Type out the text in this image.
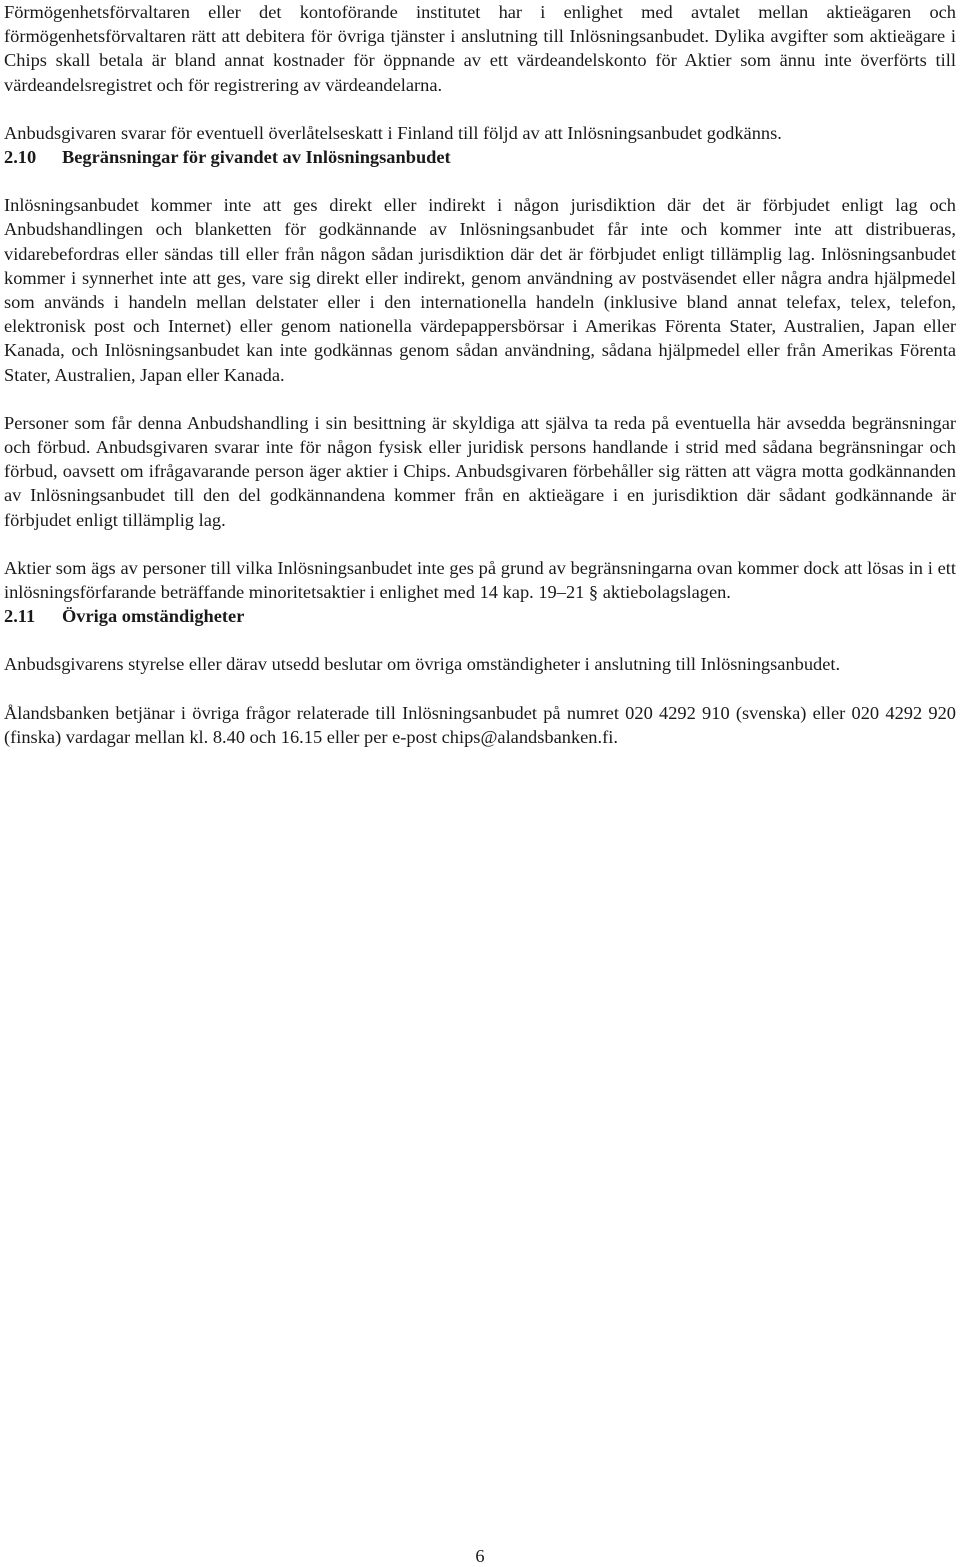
Förmögenhetsförvaltaren eller det kontoförande institutet har i enlighet med avtalet mellan aktieägaren och förmögenhetsförvaltaren rätt att debitera för övriga tjänster i anslutning till Inlösningsanbudet. Dylika avgifter som aktieägare i Chips skall betala är bland annat kostnader för öppnande av ett värdeandelskonto för Aktier som ännu inte överförts till värdeandelsregistret och för registrering av värdeandelarna.

Anbudsgivaren svarar för eventuell överlåtelseskatt i Finland till följd av att Inlösningsanbudet godkänns.

2.10	Begränsningar för givandet av Inlösningsanbudet

Inlösningsanbudet kommer inte att ges direkt eller indirekt i någon jurisdiktion där det är förbjudet enligt lag och Anbudshandlingen och blanketten för godkännande av Inlösningsanbudet får inte och kommer inte att distribueras, vidarebefordras eller sändas till eller från någon sådan jurisdiktion där det är förbjudet enligt tillämplig lag. Inlösningsanbudet kommer i synnerhet inte att ges, vare sig direkt eller indirekt, genom användning av postväsendet eller några andra hjälpmedel som används i handeln mellan delstater eller i den internationella handeln (inklusive bland annat telefax, telex, telefon, elektronisk post och Internet) eller genom nationella värdepappersbörsar i Amerikas Förenta Stater, Australien, Japan eller Kanada, och Inlösningsanbudet kan inte godkännas genom sådan användning, sådana hjälpmedel eller från Amerikas Förenta Stater, Australien, Japan eller Kanada.

Personer som får denna Anbudshandling i sin besittning är skyldiga att själva ta reda på eventuella här avsedda begränsningar och förbud. Anbudsgivaren svarar inte för någon fysisk eller juridisk persons handlande i strid med sådana begränsningar och förbud, oavsett om ifrågavarande person äger aktier i Chips. Anbudsgivaren förbehåller sig rätten att vägra motta godkännanden av Inlösningsanbudet till den del godkännandena kommer från en aktieägare i en jurisdiktion där sådant godkännande är förbjudet enligt tillämplig lag.

Aktier som ägs av personer till vilka Inlösningsanbudet inte ges på grund av begränsningarna ovan kommer dock att lösas in i ett inlösningsförfarande beträffande minoritetsaktier i enlighet med 14 kap. 19–21 § aktiebolagslagen.

2.11	Övriga omständigheter

Anbudsgivarens styrelse eller därav utsedd beslutar om övriga omständigheter i anslutning till Inlösningsanbudet.

Ålandsbanken betjänar i övriga frågor relaterade till Inlösningsanbudet på numret 020 4292 910 (svenska) eller 020 4292 920 (finska) vardagar mellan kl. 8.40 och 16.15 eller per e-post chips@alandsbanken.fi.

6
